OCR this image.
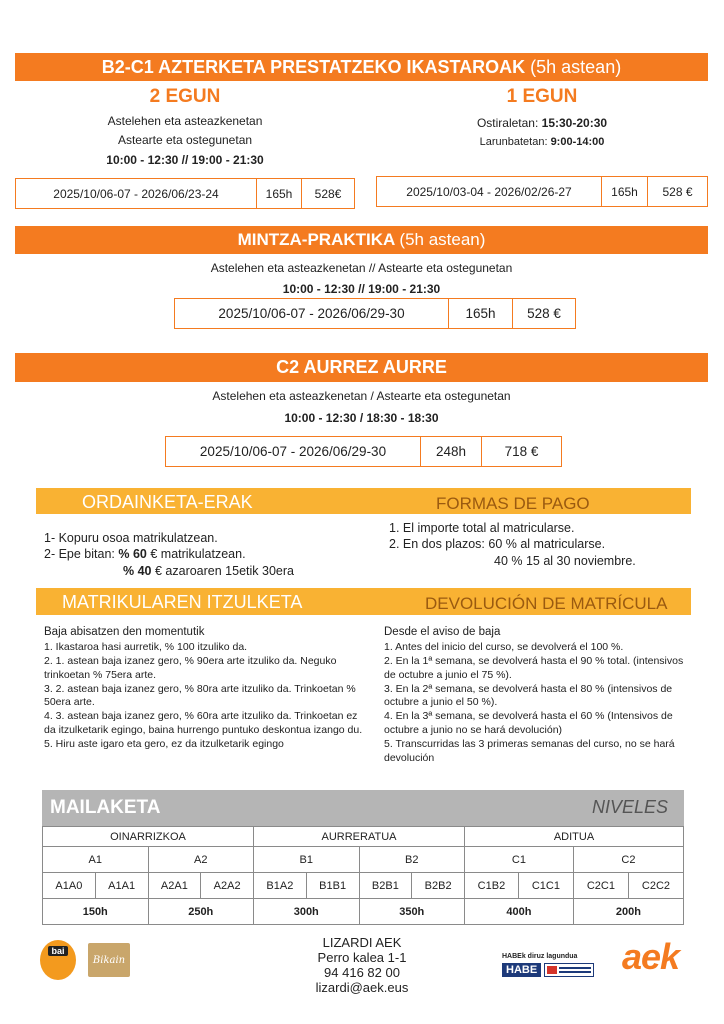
B2-C1 AZTERKETA PRESTATZEKO IKASTAROAK (5h astean)
2 EGUN
Astelehen eta asteazkenetan
Astearte eta ostegunetan
10:00 - 12:30 // 19:00 - 21:30
2025/10/06-07 - 2026/06/23-24	165h	528€
1 EGUN
Ostiraletan: 15:30-20:30
Larunbatetan: 9:00-14:00
2025/10/03-04 - 2026/02/26-27	165h	528 €
MINTZA-PRAKTIKA (5h astean)
Astelehen eta asteazkenetan // Astearte eta ostegunetan
10:00 - 12:30 // 19:00 - 21:30
2025/10/06-07 - 2026/06/29-30	165h	528 €
C2 AURREZ AURRE
Astelehen eta asteazkenetan / Astearte eta ostegunetan
10:00 - 12:30 / 18:30 - 18:30
2025/10/06-07 - 2026/06/29-30	248h	718 €
ORDAINKETA-ERAK	FORMAS DE PAGO
1- Kopuru osoa matrikulatzean.
2- Epe bitan: % 60 € matrikulatzean.
% 40 € azaroaren 15etik 30era
1. El importe total al matricularse.
2. En dos plazos: 60 % al matricularse.
40 % 15 al 30 noviembre.
MATRIKULAREN ITZULKETA	DEVOLUCIÓN DE MATRÍCULA
Baja abisatzen den momentutik
1. Ikastaroa hasi aurretik, % 100 itzuliko da.
2. 1. astean baja izanez gero, % 90era arte itzuliko da. Neguko trinkoetan % 75era arte.
3. 2. astean baja izanez gero, % 80ra arte itzuliko da. Trinkoetan % 50era arte.
4. 3. astean baja izanez gero, % 60ra arte itzuliko da. Trinkoetan ez da itzulketarik egingo, baina hurrengo puntuko deskontua izango du.
5. Hiru aste igaro eta gero, ez da itzulketarik egingo
Desde el aviso de baja
1. Antes del inicio del curso, se devolverá el 100 %.
2. En la 1ª semana, se devolverá hasta el 90 % total. (intensivos de octubre a junio el 75 %).
3. En la 2ª semana, se devolverá hasta el 80 % (intensivos de octubre a junio el 50 %).
4. En la 3ª semana, se devolverá hasta el 60 % (Intensivos de octubre a junio no se hará devolución)
5. Transcurridas las 3 primeras semanas del curso, no se hará devolución
MAILAKETA	NIVELES
OINARRIZKOA				AURRERATUA				ADITUA			
A1		A2		B1		B2		C1		C2	
A1A0	A1A1	A2A1	A2A2	B1A2	B1B1	B2B1	B2B2	C1B2	C1C1	C2C1	C2C2
150h		250h		300h		350h		400h		200h	
bai
Bikain
LIZARDI AEK
Perro kalea 1-1
94 416 82 00
lizardi@aek.eus
HABEk diruz lagundua
HABE aek
